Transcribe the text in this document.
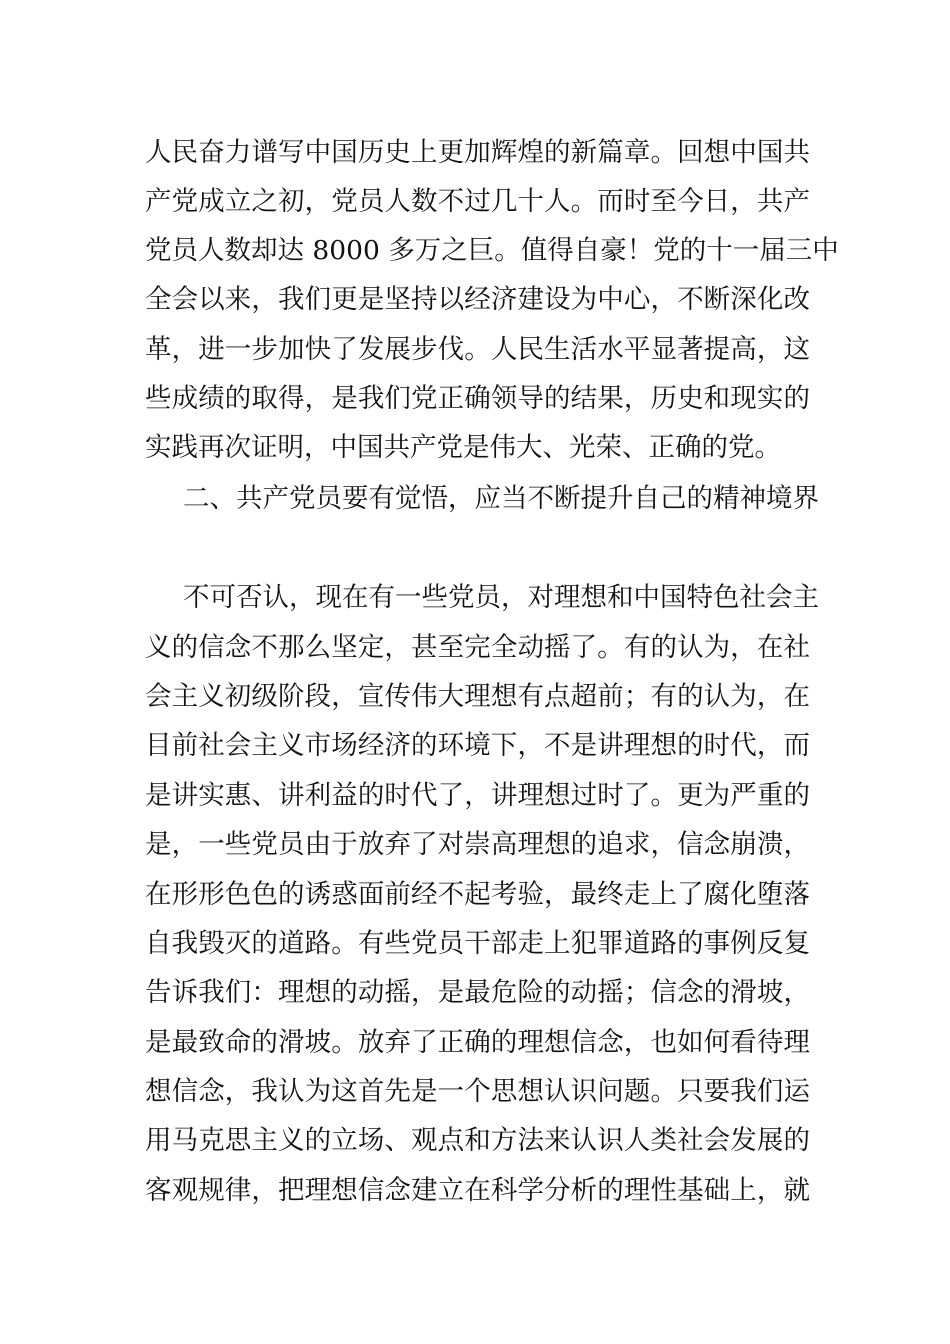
人民奋力谱写中国历史上更加辉煌的新篇章。回想中国共
产党成立之初，党员人数不过几十人。而时至今日，共产
党员人数却达 8000 多万之巨。值得自豪！党的十一届三中
全会以来，我们更是坚持以经济建设为中心，不断深化改
革，进一步加快了发展步伐。人民生活水平显著提高，这
些成绩的取得，是我们党正确领导的结果，历史和现实的
实践再次证明，中国共产党是伟大、光荣、正确的党。
二、共产党员要有觉悟，应当不断提升自己的精神境界
不可否认，现在有一些党员，对理想和中国特色社会主
义的信念不那么坚定，甚至完全动摇了。有的认为，在社
会主义初级阶段，宣传伟大理想有点超前；有的认为，在
目前社会主义市场经济的环境下，不是讲理想的时代，而
是讲实惠、讲利益的时代了，讲理想过时了。更为严重的
是，一些党员由于放弃了对崇高理想的追求，信念崩溃，
在形形色色的诱惑面前经不起考验，最终走上了腐化堕落
自我毁灭的道路。有些党员干部走上犯罪道路的事例反复
告诉我们：理想的动摇，是最危险的动摇；信念的滑坡，
是最致命的滑坡。放弃了正确的理想信念，也如何看待理
想信念，我认为这首先是一个思想认识问题。只要我们运
用马克思主义的立场、观点和方法来认识人类社会发展的
客观规律，把理想信念建立在科学分析的理性基础上，就
